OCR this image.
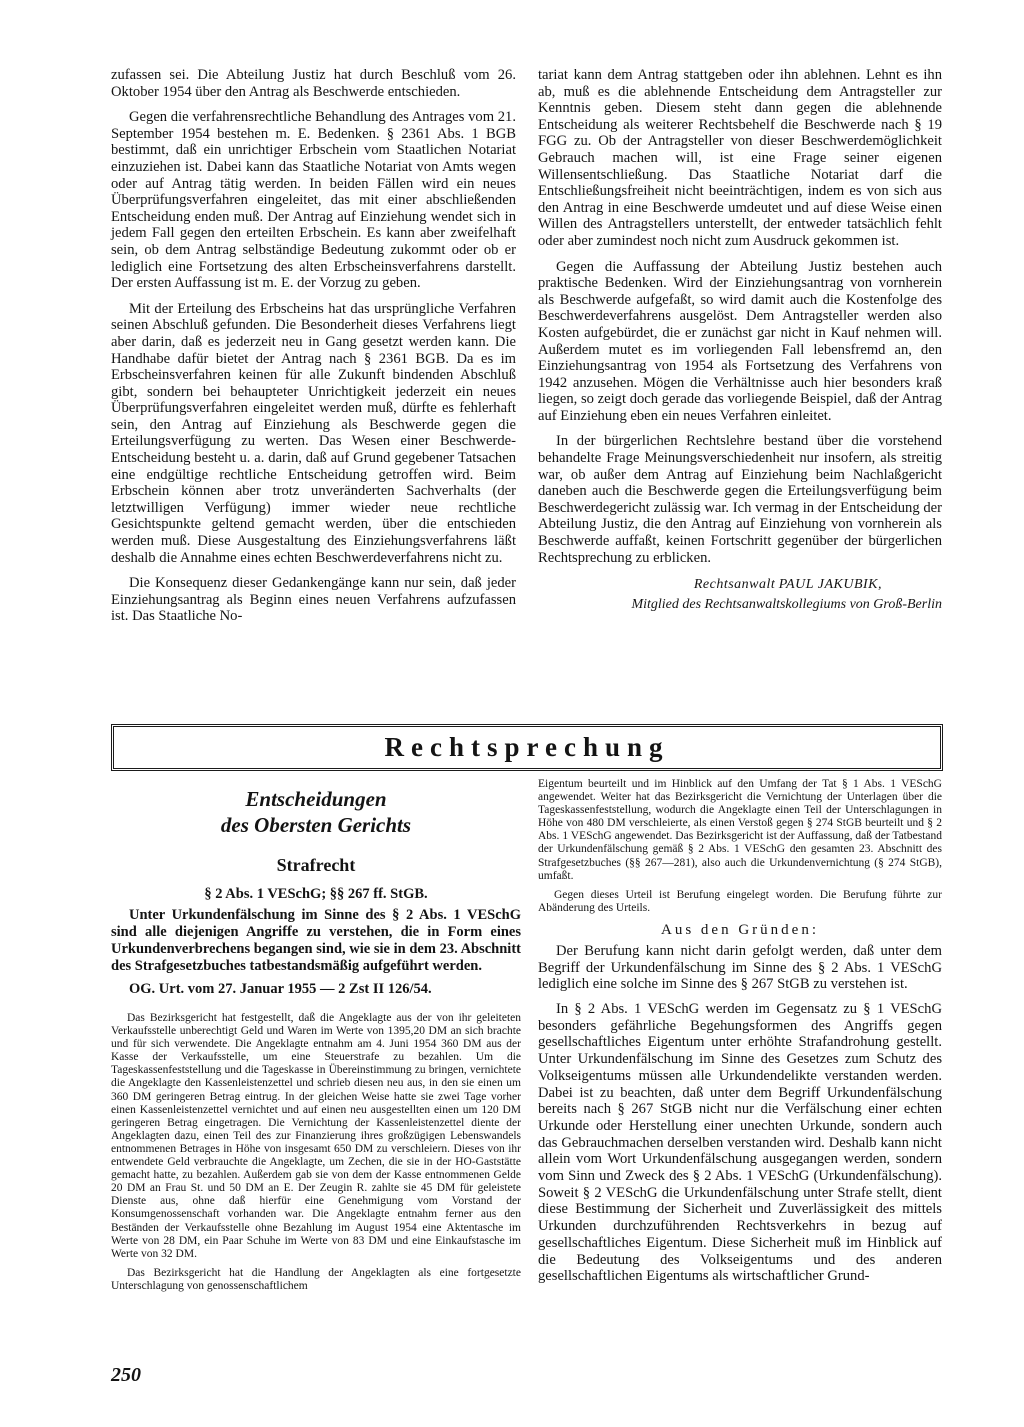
zufassen sei. Die Abteilung Justiz hat durch Beschluß vom 26. Oktober 1954 über den Antrag als Beschwerde entschieden.

Gegen die verfahrensrechtliche Behandlung des Antrages vom 21. September 1954 bestehen m. E. Bedenken. § 2361 Abs. 1 BGB bestimmt, daß ein unrichtiger Erbschein vom Staatlichen Notariat einzuziehen ist. Dabei kann das Staatliche Notariat von Amts wegen oder auf Antrag tätig werden. In beiden Fällen wird ein neues Überprüfungsverfahren eingeleitet, das mit einer abschließenden Entscheidung enden muß. Der Antrag auf Einziehung wendet sich in jedem Fall gegen den erteilten Erbschein. Es kann aber zweifelhaft sein, ob dem Antrag selbständige Bedeutung zukommt oder ob er lediglich eine Fortsetzung des alten Erbscheinsverfahrens darstellt. Der ersten Auffassung ist m. E. der Vorzug zu geben.

Mit der Erteilung des Erbscheins hat das ursprüngliche Verfahren seinen Abschluß gefunden. Die Besonderheit dieses Verfahrens liegt aber darin, daß es jederzeit neu in Gang gesetzt werden kann. Die Handhabe dafür bietet der Antrag nach § 2361 BGB. Da es im Erbscheinsverfahren keinen für alle Zukunft bindenden Abschluß gibt, sondern bei behaupteter Unrichtigkeit jederzeit ein neues Überprüfungsverfahren eingeleitet werden muß, dürfte es fehlerhaft sein, den Antrag auf Einziehung als Beschwerde gegen die Erteilungsverfügung zu werten. Das Wesen einer Beschwerde-Entscheidung besteht u. a. darin, daß auf Grund gegebener Tatsachen eine endgültige rechtliche Entscheidung getroffen wird. Beim Erbschein können aber trotz unveränderten Sachverhalts (der letztwilligen Verfügung) immer wieder neue rechtliche Gesichtspunkte geltend gemacht werden, über die entschieden werden muß. Diese Ausgestaltung des Einziehungsverfahrens läßt deshalb die Annahme eines echten Beschwerdeverfahrens nicht zu.

Die Konsequenz dieser Gedankengänge kann nur sein, daß jeder Einziehungsantrag als Beginn eines neuen Verfahrens aufzufassen ist. Das Staatliche No-

tariat kann dem Antrag stattgeben oder ihn ablehnen. Lehnt es ihn ab, muß es die ablehnende Entscheidung dem Antragsteller zur Kenntnis geben. Diesem steht dann gegen die ablehnende Entscheidung als weiterer Rechtsbehelf die Beschwerde nach § 19 FGG zu. Ob der Antragsteller von dieser Beschwerdemöglichkeit Gebrauch machen will, ist eine Frage seiner eigenen Willensentschließung. Das Staatliche Notariat darf die Entschließungsfreiheit nicht beeinträchtigen, indem es von sich aus den Antrag in eine Beschwerde umdeutet und auf diese Weise einen Willen des Antragstellers unterstellt, der entweder tatsächlich fehlt oder aber zumindest noch nicht zum Ausdruck gekommen ist.

Gegen die Auffassung der Abteilung Justiz bestehen auch praktische Bedenken. Wird der Einziehungsantrag von vornherein als Beschwerde aufgefaßt, so wird damit auch die Kostenfolge des Beschwerdeverfahrens ausgelöst. Dem Antragsteller werden also Kosten aufgebürdet, die er zunächst gar nicht in Kauf nehmen will. Außerdem mutet es im vorliegenden Fall lebensfremd an, den Einziehungsantrag von 1954 als Fortsetzung des Verfahrens von 1942 anzusehen. Mögen die Verhältnisse auch hier besonders kraß liegen, so zeigt doch gerade das vorliegende Beispiel, daß der Antrag auf Einziehung eben ein neues Verfahren einleitet.

In der bürgerlichen Rechtslehre bestand über die vorstehend behandelte Frage Meinungsverschiedenheit nur insofern, als streitig war, ob außer dem Antrag auf Einziehung beim Nachlaßgericht daneben auch die Beschwerde gegen die Erteilungsverfügung beim Beschwerdegericht zulässig war. Ich vermag in der Entscheidung der Abteilung Justiz, die den Antrag auf Einziehung von vornherein als Beschwerde auffaßt, keinen Fortschritt gegenüber der bürgerlichen Rechtsprechung zu erblicken.

Rechtsanwalt PAUL JAKUBIK,
Mitglied des Rechtsanwaltskollegiums von Groß-Berlin
Rechtsprechung

Entscheidungen

des Obersten Gerichts

Strafrecht

§ 2 Abs. 1 VESchG; §§ 267 ff. StGB.

Unter Urkundenfälschung im Sinne des § 2 Abs. 1 VESchG sind alle diejenigen Angriffe zu verstehen, die in Form eines Urkundenverbrechens begangen sind, wie sie in dem 23. Abschnitt des Strafgesetzbuches tatbestandsmäßig aufgeführt werden.

OG. Urt. vom 27. Januar 1955 — 2 Zst II 126/54.

Das Bezirksgericht hat festgestellt, daß die Angeklagte aus der von ihr geleiteten Verkaufsstelle unberechtigt Geld und Waren im Werte von 1395,20 DM an sich brachte und für sich verwendete. Die Angeklagte entnahm am 4. Juni 1954 360 DM aus der Kasse der Verkaufsstelle, um eine Steuerstrafe zu bezahlen. Um die Tageskassenfeststellung und die Tageskasse in Übereinstimmung zu bringen, vernichtete die Angeklagte den Kassenleistenzettel und schrieb diesen neu aus, in den sie einen um 360 DM geringeren Betrag eintrug. In der gleichen Weise hatte sie zwei Tage vorher einen Kassenleistenzettel vernichtet und auf einen neu ausgestellten einen um 120 DM geringeren Betrag eingetragen. Die Vernichtung der Kassenleistenzettel diente der Angeklagten dazu, einen Teil des zur Finanzierung ihres großzügigen Lebenswandels entnommenen Betrages in Höhe von insgesamt 650 DM zu verschleiern. Dieses von ihr entwendete Geld verbrauchte die Angeklagte, um Zechen, die sie in der HO-Gaststätte gemacht hatte, zu bezahlen. Außerdem gab sie von dem der Kasse entnommenen Gelde 20 DM an Frau St. und 50 DM an E. Der Zeugin R. zahlte sie 45 DM für geleistete Dienste aus, ohne daß hierfür eine Genehmigung vom Vorstand der Konsumgenossenschaft vorhanden war. Die Angeklagte entnahm ferner aus den Beständen der Verkaufsstelle ohne Bezahlung im August 1954 eine Aktentasche im Werte von 28 DM, ein Paar Schuhe im Werte von 83 DM und eine Einkaufstasche im Werte von 32 DM.

Das Bezirksgericht hat die Handlung der Angeklagten als eine fortgesetzte Unterschlagung von genossenschaftlichem

Eigentum beurteilt und im Hinblick auf den Umfang der Tat § 1 Abs. 1 VESchG angewendet. Weiter hat das Bezirksgericht die Vernichtung der Unterlagen über die Tageskassenfeststellung, wodurch die Angeklagte einen Teil der Unterschlagungen in Höhe von 480 DM verschleierte, als einen Verstoß gegen § 274 StGB beurteilt und § 2 Abs. 1 VESchG angewendet. Das Bezirksgericht ist der Auffassung, daß der Tatbestand der Urkundenfälschung gemäß § 2 Abs. 1 VESchG den gesamten 23. Abschnitt des Strafgesetzbuches (§§ 267—281), also auch die Urkundenvernichtung (§ 274 StGB), umfaßt.

Gegen dieses Urteil ist Berufung eingelegt worden. Die Berufung führte zur Abänderung des Urteils.

Aus den Gründen:

Der Berufung kann nicht darin gefolgt werden, daß unter dem Begriff der Urkundenfälschung im Sinne des § 2 Abs. 1 VESchG lediglich eine solche im Sinne des § 267 StGB zu verstehen ist.

In § 2 Abs. 1 VESchG werden im Gegensatz zu § 1 VESchG besonders gefährliche Begehungsformen des Angriffs gegen gesellschaftliches Eigentum unter erhöhte Strafandrohung gestellt. Unter Urkundenfälschung im Sinne des Gesetzes zum Schutz des Volkseigentums müssen alle Urkundendelikte verstanden werden. Dabei ist zu beachten, daß unter dem Begriff Urkundenfälschung bereits nach § 267 StGB nicht nur die Verfälschung einer echten Urkunde oder Herstellung einer unechten Urkunde, sondern auch das Gebrauchmachen derselben verstanden wird. Deshalb kann nicht allein vom Wort Urkundenfälschung ausgegangen werden, sondern vom Sinn und Zweck des § 2 Abs. 1 VESchG (Urkundenfälschung). Soweit § 2 VESchG die Urkundenfälschung unter Strafe stellt, dient diese Bestimmung der Sicherheit und Zuverlässigkeit des mittels Urkunden durchzuführenden Rechtsverkehrs in bezug auf gesellschaftliches Eigentum. Diese Sicherheit muß im Hinblick auf die Bedeutung des Volkseigentums und des anderen gesellschaftlichen Eigentums als wirtschaftlicher Grund-

250
